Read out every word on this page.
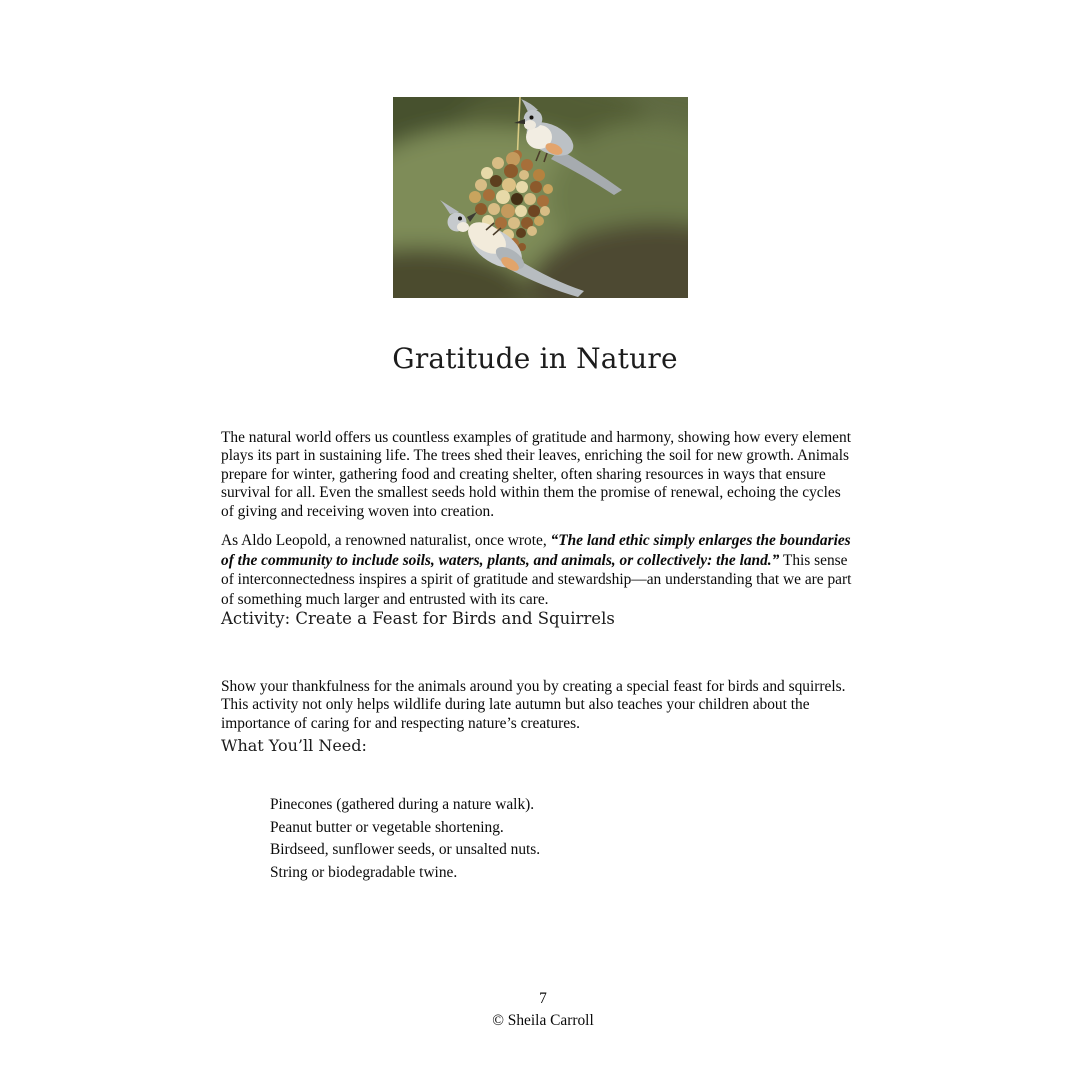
Gratitude in Nature

The natural world offers us countless examples of gratitude and harmony, showing how every element plays its part in sustaining life. The trees shed their leaves, enriching the soil for new growth. Animals prepare for winter, gathering food and creating shelter, often sharing resources in ways that ensure survival for all. Even the smallest seeds hold within them the promise of renewal, echoing the cycles of giving and receiving woven into creation.

As Aldo Leopold, a renowned naturalist, once wrote, “The land ethic simply enlarges the boundaries of the community to include soils, waters, plants, and animals, or collectively: the land.” This sense of interconnectedness inspires a spirit of gratitude and stewardship—an understanding that we are part of something much larger and entrusted with its care.

Activity: Create a Feast for Birds and Squirrels

Show your thankfulness for the animals around you by creating a special feast for birds and squirrels. This activity not only helps wildlife during late autumn but also teaches your children about the importance of caring for and respecting nature’s creatures.

What You’ll Need:
Pinecones (gathered during a nature walk).
Peanut butter or vegetable shortening.
Birdseed, sunflower seeds, or unsalted nuts.
String or biodegradable twine.
7
© Sheila Carroll
